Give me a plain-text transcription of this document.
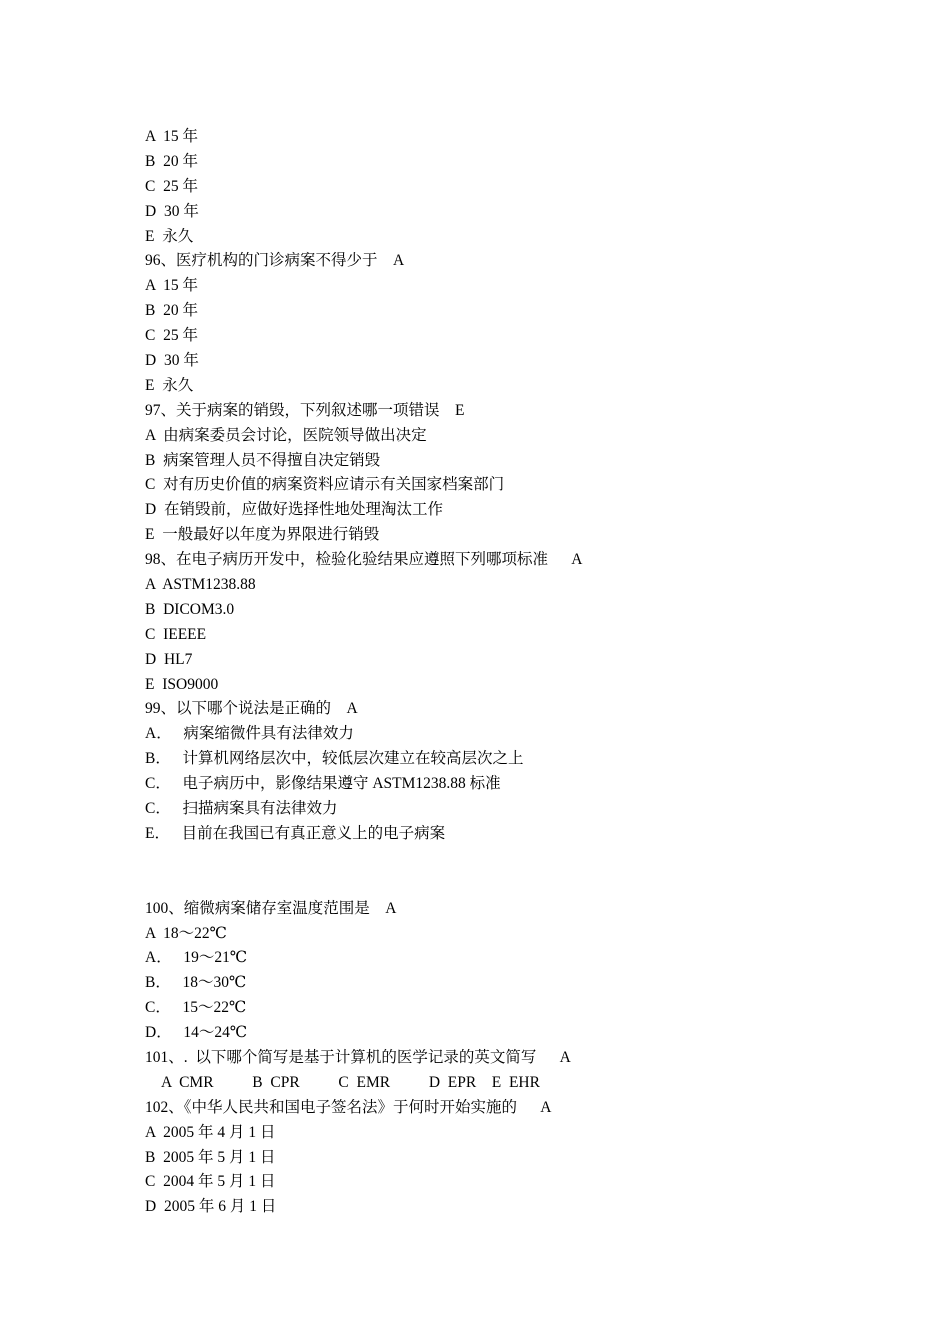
A  15 年
B  20 年
C  25 年
D  30 年
E  永久
96、医疗机构的门诊病案不得少于    A
A  15 年
B  20 年
C  25 年
D  30 年
E  永久
97、关于病案的销毁，下列叙述哪一项错误    E
A  由病案委员会讨论，医院领导做出决定
B  病案管理人员不得擅自决定销毁
C  对有历史价值的病案资料应请示有关国家档案部门
D  在销毁前，应做好选择性地处理淘汰工作
E  一般最好以年度为界限进行销毁
98、在电子病历开发中，检验化验结果应遵照下列哪项标准      A
A  ASTM1238.88
B  DICOM3.0
C  IEEEE
D  HL7
E  ISO9000
99、以下哪个说法是正确的    A
A．   病案缩微件具有法律效力
B．   计算机网络层次中，较低层次建立在较高层次之上
C．   电子病历中，影像结果遵守 ASTM1238.88 标准
C．   扫描病案具有法律效力
E．   目前在我国已有真正意义上的电子病案
100、缩微病案储存室温度范围是    A
A  18～22℃
A．   19～21℃
B．   18～30℃
C．   15～22℃
D．   14～24℃
101、.  以下哪个简写是基于计算机的医学记录的英文简写      A
A  CMR          B  CPR          C  EMR          D  EPR    E  EHR
102、《中华人民共和国电子签名法》于何时开始实施的      A
A  2005 年 4 月 1 日
B  2005 年 5 月 1 日
C  2004 年 5 月 1 日
D  2005 年 6 月 1 日
